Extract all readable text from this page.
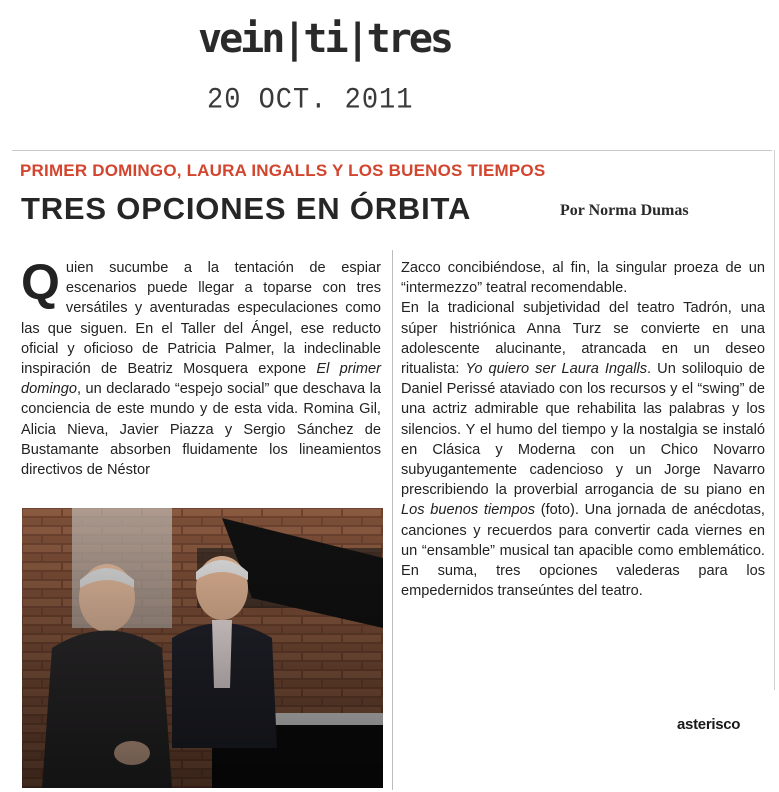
vein|ti|tres
20 OCT. 2011
PRIMER DOMINGO, LAURA INGALLS Y LOS BUENOS TIEMPOS
TRES OPCIONES EN ÓRBITA	Por Norma Dumas

Quien sucumbe a la tentación de espiar escenarios puede llegar a toparse con tres versátiles y aventuradas especulaciones como las que siguen. En el Taller del Ángel, ese reducto oficial y oficioso de Patricia Palmer, la indeclinable inspiración de Beatriz Mosquera expone El primer domingo, un declarado “espejo social” que deschava la conciencia de este mundo y de esta vida. Romina Gil, Alicia Nieva, Javier Piazza y Sergio Sánchez de Bustamante absorben fluidamente los lineamientos directivos de Néstor

Zacco concibiéndose, al fin, la singular proeza de un “intermezzo” teatral recomendable.

En la tradicional subjetividad del teatro Tadrón, una súper histriónica Anna Turz se convierte en una adolescente alucinante, atrancada en un deseo ritualista: Yo quiero ser Laura Ingalls. Un soliloquio de Daniel Perissé ataviado con los recursos y el “swing” de una actriz admirable que rehabilita las palabras y los silencios. Y el humo del tiempo y la nostalgia se instaló en Clásica y Moderna con un Chico Novarro subyugantemente cadencioso y un Jorge Navarro prescribiendo la proverbial arrogancia de su piano en Los buenos tiempos (foto). Una jornada de anécdotas, canciones y recuerdos para convertir cada viernes en un “ensamble” musical tan apacible como emblemático. En suma, tres opciones valederas para los empedernidos transeúntes del teatro.

asterisco
